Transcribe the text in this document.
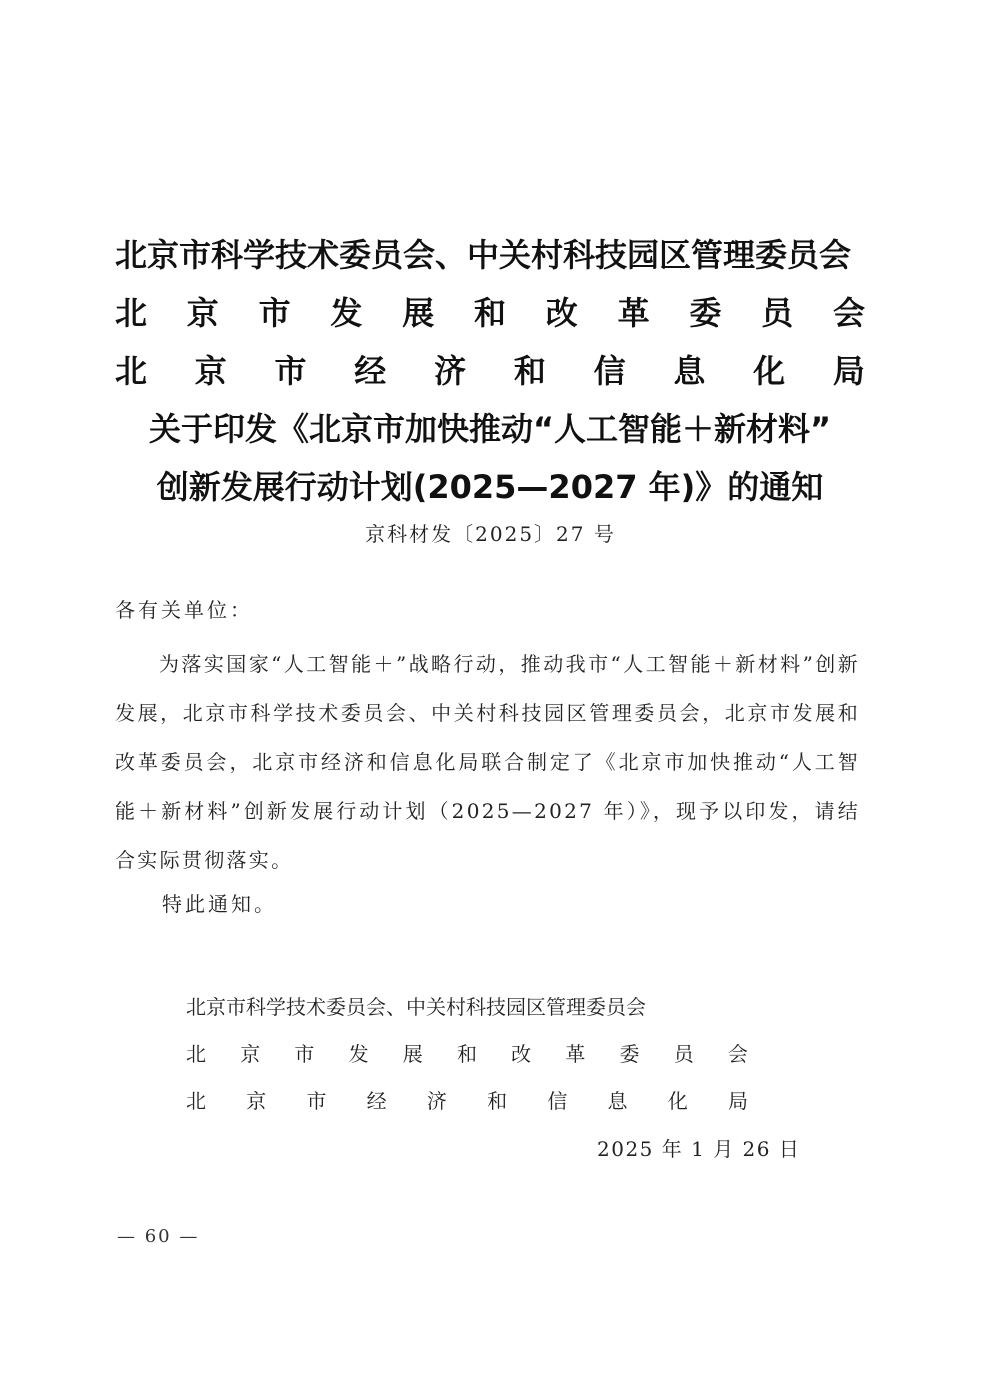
北京市科学技术委员会、中关村科技园区管理委员会
北 京 市 发 展 和 改 革 委 员 会
北 京 市 经 济 和 信 息 化 局
关于印发《北京市加快推动“人工智能＋新材料”
创新发展行动计划(2025—2027 年)》的通知
京科材发〔2025〕27 号
各有关单位：
为落实国家“人工智能＋”战略行动，推动我市“人工智能＋新材料”创新发展，北京市科学技术委员会、中关村科技园区管理委员会，北京市发展和改革委员会，北京市经济和信息化局联合制定了《北京市加快推动“人工智能＋新材料”创新发展行动计划（2025—2027 年）》，现予以印发，请结合实际贯彻落实。
特此通知。
北京市科学技术委员会、中关村科技园区管理委员会
北 京 市 发 展 和 改 革 委 员 会
北 京 市 经 济 和 信 息 化 局
2025 年 1 月 26 日
— 60 —
